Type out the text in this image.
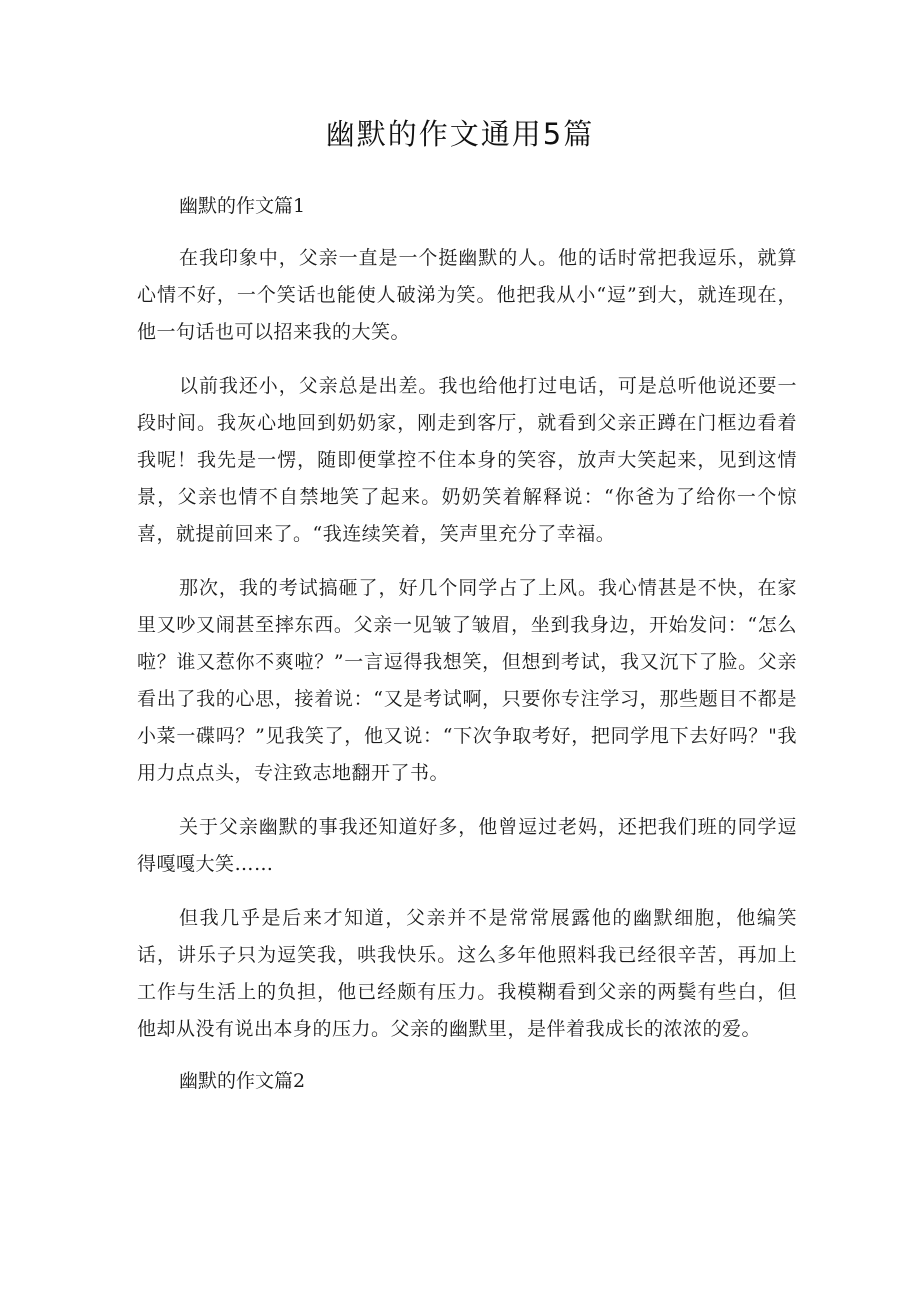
幽默的作文通用5篇

幽默的作文篇1

在我印象中，父亲一直是一个挺幽默的人。他的话时常把我逗乐，就算心情不好，一个笑话也能使人破涕为笑。他把我从小“逗”到大，就连现在，他一句话也可以招来我的大笑。

以前我还小，父亲总是出差。我也给他打过电话，可是总听他说还要一段时间。我灰心地回到奶奶家，刚走到客厅，就看到父亲正蹲在门框边看着我呢！我先是一愣，随即便掌控不住本身的笑容，放声大笑起来，见到这情景，父亲也情不自禁地笑了起来。奶奶笑着解释说：“你爸为了给你一个惊喜，就提前回来了。“我连续笑着，笑声里充分了幸福。

那次，我的考试搞砸了，好几个同学占了上风。我心情甚是不快，在家里又吵又闹甚至摔东西。父亲一见皱了皱眉，坐到我身边，开始发问：“怎么啦？谁又惹你不爽啦？”一言逗得我想笑，但想到考试，我又沉下了脸。父亲看出了我的心思，接着说：“又是考试啊，只要你专注学习，那些题目不都是小菜一碟吗？”见我笑了，他又说：“下次争取考好，把同学甩下去好吗？"我用力点点头，专注致志地翻开了书。

关于父亲幽默的事我还知道好多，他曾逗过老妈，还把我们班的同学逗得嘎嘎大笑……

但我几乎是后来才知道，父亲并不是常常展露他的幽默细胞，他编笑话，讲乐子只为逗笑我，哄我快乐。这么多年他照料我已经很辛苦，再加上工作与生活上的负担，他已经颇有压力。我模糊看到父亲的两鬓有些白，但他却从没有说出本身的压力。父亲的幽默里，是伴着我成长的浓浓的爱。

幽默的作文篇2
